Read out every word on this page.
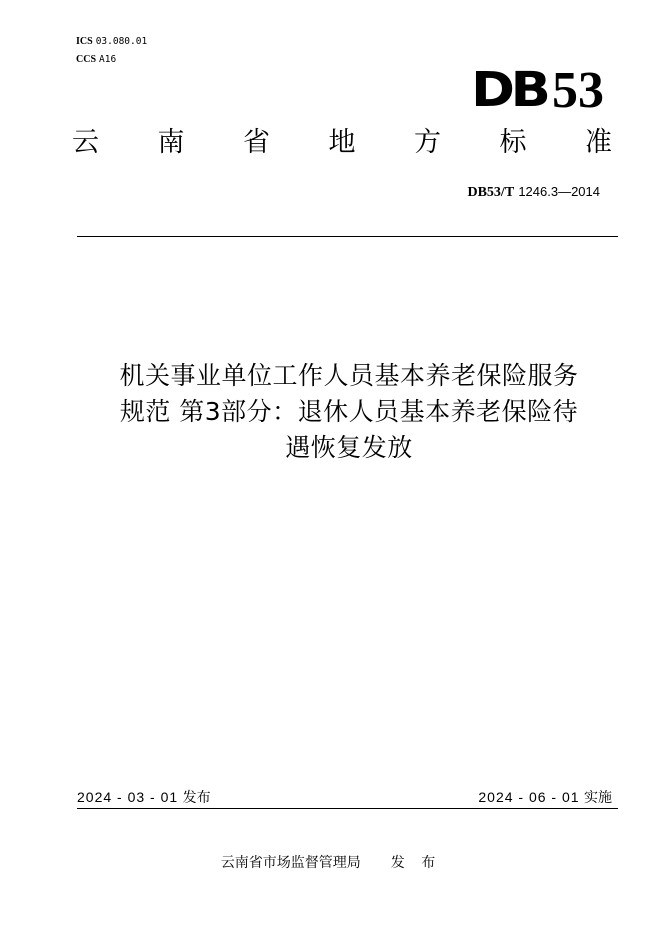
ICS 03.080.01
CCS A16
DB 53
云 南 省 地 方 标 准
DB53/T 1246.3—2014
机关事业单位工作人员基本养老保险服务
规范 第3部分：退休人员基本养老保险待
遇恢复发放
2024 - 03 - 01 发布	2024 - 06 - 01 实施
云南省市场监督管理局 发 布
